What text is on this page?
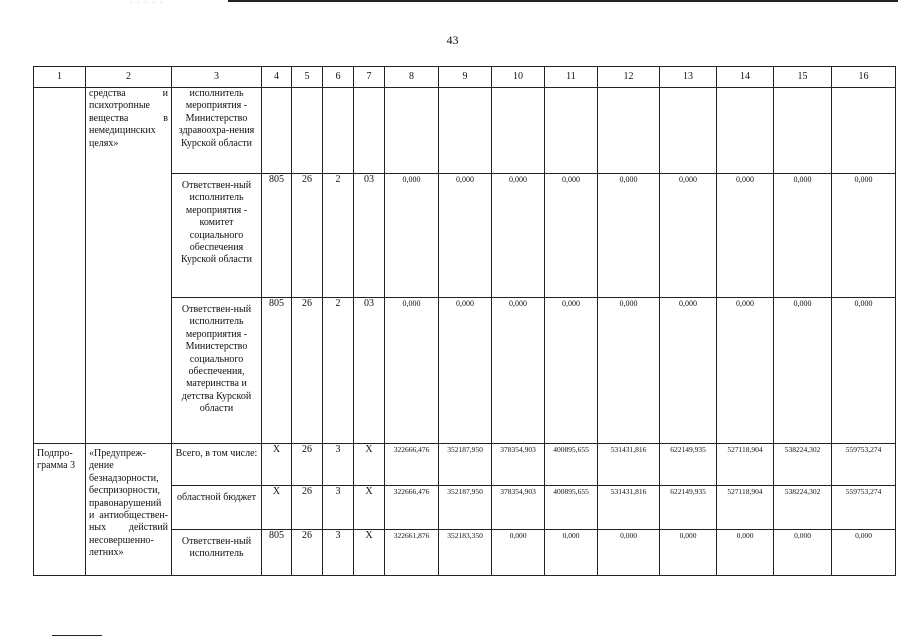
· · · · ·
43
1	2	3	4	5	6	7	8	9	10	11	12	13	14	15	16
	средства и психотропные вещества в немедицинских целях»	исполнитель мероприятия - Министерство здравоохра-нения Курской области													
		Ответствен-ный исполнитель мероприятия - комитет социального обеспечения Курской области	805	26	2	03	0,000	0,000	0,000	0,000	0,000	0,000	0,000	0,000	0,000
		Ответствен-ный исполнитель мероприятия - Министерство социального обеспечения, материнства и детства Курской области	805	26	2	03	0,000	0,000	0,000	0,000	0,000	0,000	0,000	0,000	0,000
Подпро-грамма 3	«Предупреж-дение безнадзорности, беспризорности, правонарушений и антиобществен-ных действий несовершенно-летних»	Всего, в том числе:	Х	26	3	Х	322666,476	352187,950	378354,903	400895,655	531431,816	622149,935	527118,904	538224,302	559753,274
		областной бюджет	Х	26	3	Х	322666,476	352187,950	378354,903	400895,655	531431,816	622149,935	527118,904	538224,302	559753,274
		Ответствен-ный исполнитель	805	26	3	Х	322661,876	352183,350	0,000	0,000	0,000	0,000	0,000	0,000	0,000
